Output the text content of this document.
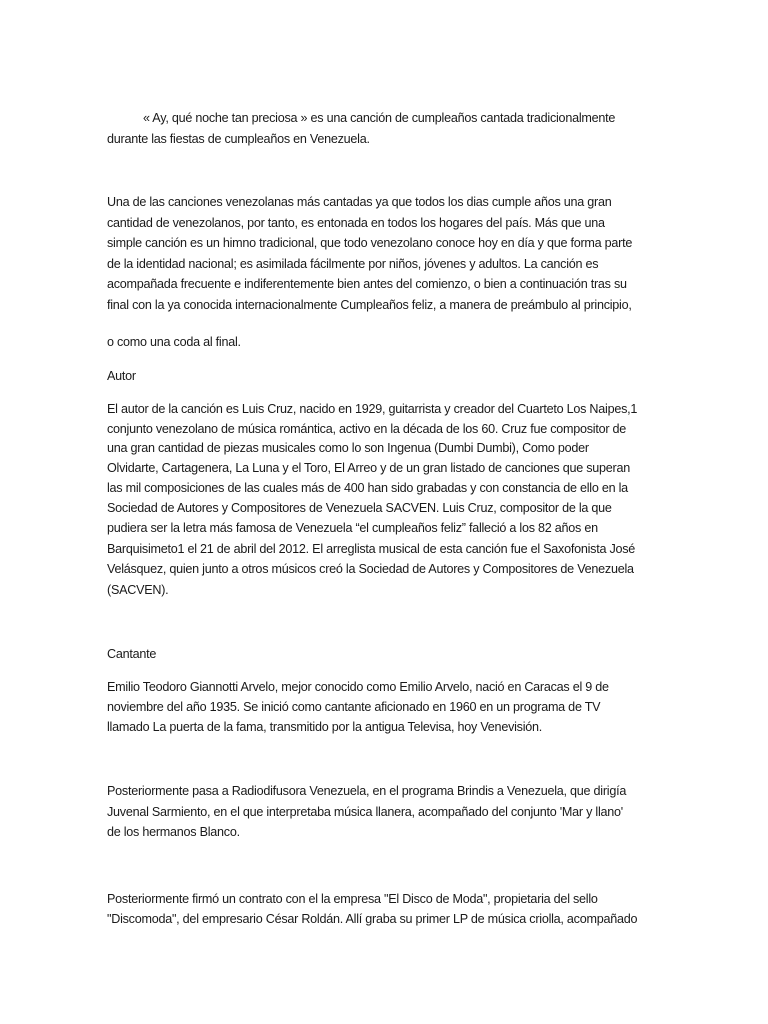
« Ay, qué noche tan preciosa » es una canción de cumpleaños cantada tradicionalmente
durante las fiestas de cumpleaños en Venezuela.
Una de las canciones venezolanas más cantadas ya que todos los dias cumple años una gran
cantidad de venezolanos, por tanto, es entonada en todos los hogares del país. Más que una
simple canción es un himno tradicional, que todo venezolano conoce hoy en día y que forma parte
de la identidad nacional; es asimilada fácilmente por niños, jóvenes y adultos. La canción es
acompañada frecuente e indiferentemente bien antes del comienzo, o bien a continuación tras su
final con la ya conocida internacionalmente Cumpleaños feliz, a manera de preámbulo al principio,
o como una coda al final.
Autor
El autor de la canción es Luis Cruz, nacido en 1929, guitarrista y creador del Cuarteto Los Naipes,1
conjunto venezolano de música romántica, activo en la década de los 60. Cruz fue compositor de
una gran cantidad de piezas musicales como lo son Ingenua (Dumbi Dumbi), Como poder
Olvidarte, Cartagenera, La Luna y el Toro, El Arreo y de un gran listado de canciones que superan
las mil composiciones de las cuales más de 400 han sido grabadas y con constancia de ello en la
Sociedad de Autores y Compositores de Venezuela SACVEN. Luis Cruz, compositor de la que
pudiera ser la letra más famosa de Venezuela “el cumpleaños feliz” falleció a los 82 años en
Barquisimeto1 el 21 de abril del 2012. El arreglista musical de esta canción fue el Saxofonista José
Velásquez, quien junto a otros músicos creó la Sociedad de Autores y Compositores de Venezuela
(SACVEN).
Cantante
Emilio Teodoro Giannotti Arvelo, mejor conocido como Emilio Arvelo, nació en Caracas el 9 de
noviembre del año 1935. Se inició como cantante aficionado en 1960 en un programa de TV
llamado La puerta de la fama, transmitido por la antigua Televisa, hoy Venevisión.
Posteriormente pasa a Radiodifusora Venezuela, en el programa Brindis a Venezuela, que dirigía
Juvenal Sarmiento, en el que interpretaba música llanera, acompañado del conjunto 'Mar y llano'
de los hermanos Blanco.
Posteriormente firmó un contrato con el la empresa "El Disco de Moda", propietaria del sello
"Discomoda", del empresario César Roldán. Allí graba su primer LP de música criolla, acompañado
